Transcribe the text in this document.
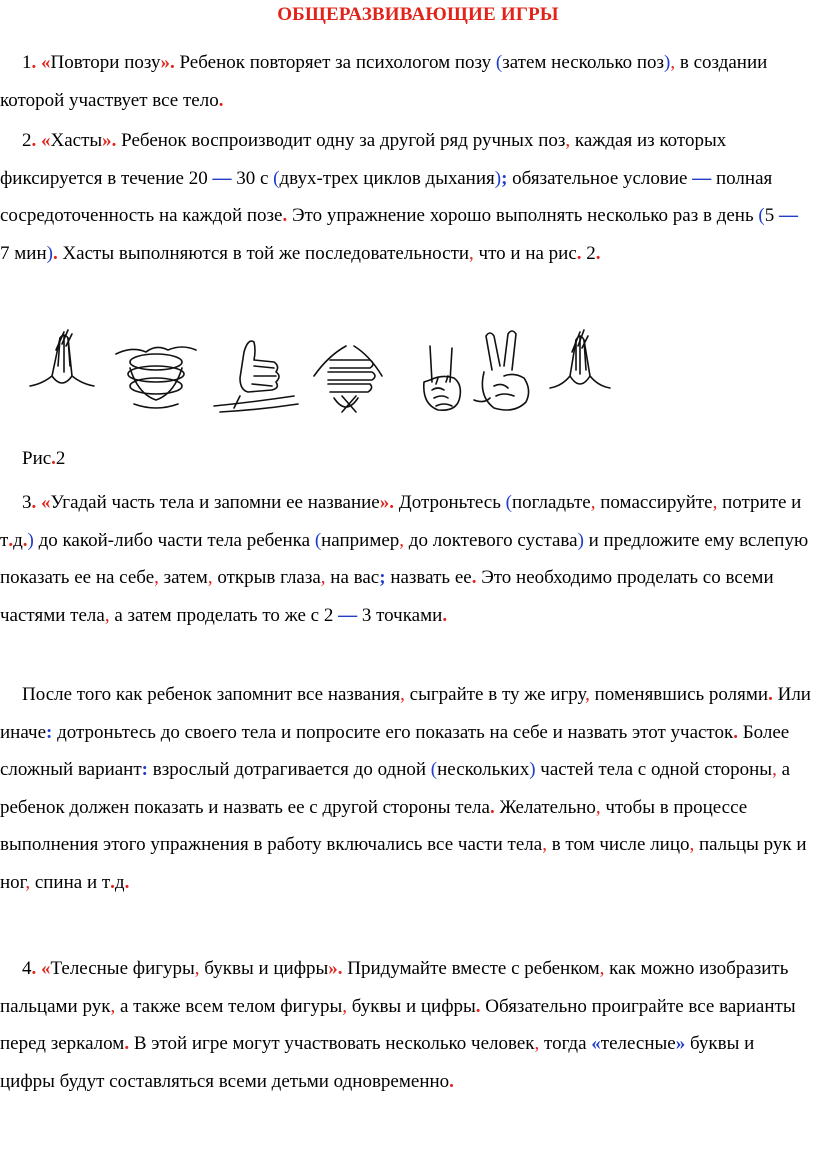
ОБЩЕРАЗВИВАЮЩИЕ ИГРЫ
1. «Повтори позу». Ребенок повторяет за психологом позу (затем несколько поз), в создании которой участвует все тело.
2. «Хасты». Ребенок воспроизводит одну за другой ряд ручных поз, каждая из которых фиксируется в течение 20 — 30 с (двух-трех циклов дыхания); обязательное условие — полная сосредоточенность на каждой позе. Это упражнение хорошо выполнять несколько раз в день (5 — 7 мин). Хасты выполняются в той же последовательности, что и на рис. 2.
Рис.2
3. «Угадай часть тела и запомни ее название». Дотроньтесь (погладьте, помассируйте, потрите и т.д.) до какой-либо части тела ребенка (например, до локтевого сустава) и предложите ему вслепую показать ее на себе, затем, открыв глаза, на вас; назвать ее. Это необходимо проделать со всеми частями тела, а затем проделать то же с 2 — 3 точками.
После того как ребенок запомнит все названия, сыграйте в ту же игру, поменявшись ролями. Или иначе: дотроньтесь до своего тела и попросите его показать на себе и назвать этот участок. Более сложный вариант: взрослый дотрагивается до одной (нескольких) частей тела с одной стороны, а ребенок должен показать и назвать ее с другой стороны тела. Желательно, чтобы в процессе выполнения этого упражнения в работу включались все части тела, в том числе лицо, пальцы рук и ног, спина и т.д.
4. «Телесные фигуры, буквы и цифры». Придумайте вместе с ребенком, как можно изобразить пальцами рук, а также всем телом фигуры, буквы и цифры. Обязательно проиграйте все варианты перед зеркалом. В этой игре могут участвовать несколько человек, тогда «телесные» буквы и цифры будут составляться всеми детьми одновременно.
